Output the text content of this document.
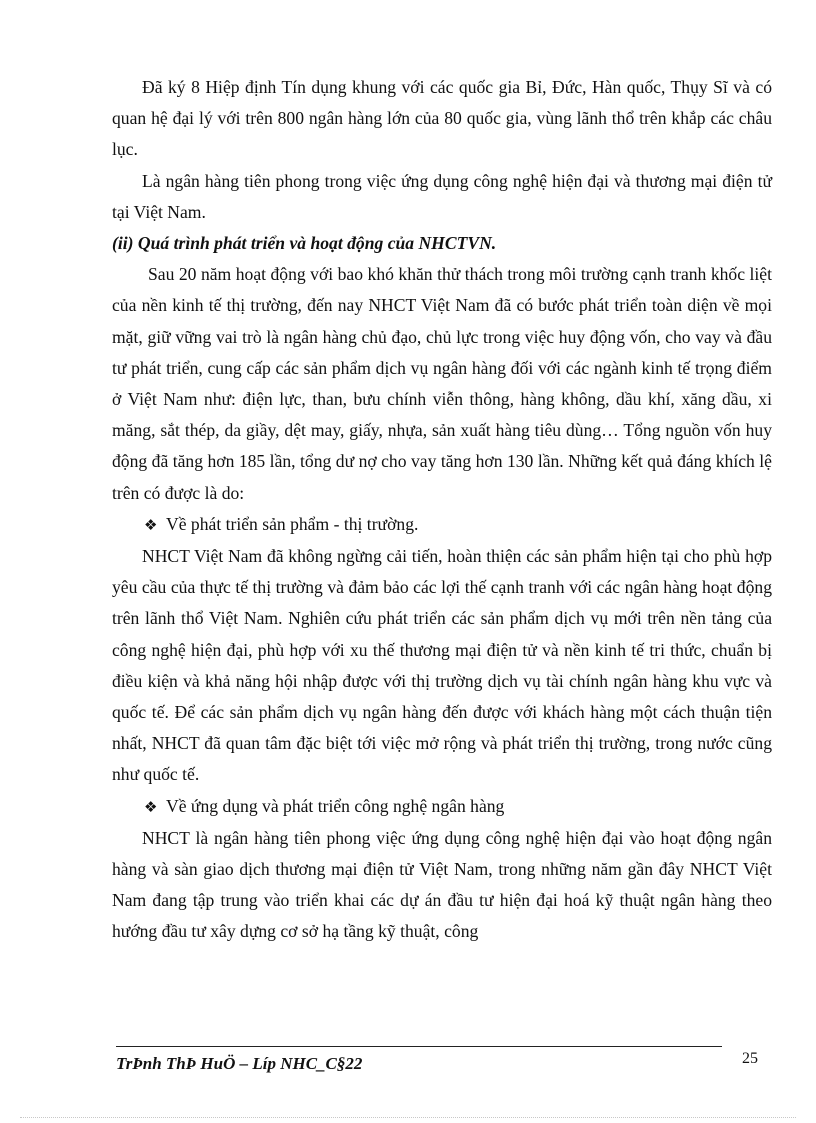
Đã ký 8 Hiệp định Tín dụng khung với các quốc gia Bỉ, Đức, Hàn quốc, Thụy Sĩ và có quan hệ đại lý với trên 800 ngân hàng lớn của 80 quốc gia, vùng lãnh thổ trên khắp các châu lục.

Là ngân hàng tiên phong trong việc ứng dụng công nghệ hiện đại và thương mại điện tử tại Việt Nam.

(ii) Quá trình phát triển và hoạt động của NHCTVN.

Sau 20 năm hoạt động với bao khó khăn thử thách trong môi trường cạnh tranh khốc liệt của nền kinh tế thị trường, đến nay NHCT Việt Nam đã có bước phát triển toàn diện về mọi mặt, giữ vững vai trò là ngân hàng chủ đạo, chủ lực trong việc huy động vốn, cho vay và đầu tư phát triển, cung cấp các sản phẩm dịch vụ ngân hàng đối với các ngành kinh tế trọng điểm ở Việt Nam như: điện lực, than, bưu chính viễn thông, hàng không, dầu khí, xăng dầu, xi măng, sắt thép, da giầy, dệt may, giấy, nhựa, sản xuất hàng tiêu dùng… Tổng nguồn vốn huy động đã tăng hơn 185 lần, tổng dư nợ cho vay tăng hơn 130 lần. Những kết quả đáng khích lệ trên có được là do:

❖ Về phát triển sản phẩm - thị trường.

NHCT Việt Nam đã không ngừng cải tiến, hoàn thiện các sản phẩm hiện tại cho phù hợp yêu cầu của thực tế thị trường và đảm bảo các lợi thế cạnh tranh với các ngân hàng hoạt động trên lãnh thổ Việt Nam. Nghiên cứu phát triển các sản phẩm dịch vụ mới trên nền tảng của công nghệ hiện đại, phù hợp với xu thế thương mại điện tử và nền kinh tế tri thức, chuẩn bị điều kiện và khả năng hội nhập được với thị trường dịch vụ tài chính ngân hàng khu vực và quốc tế. Để các sản phẩm dịch vụ ngân hàng đến được với khách hàng một cách thuận tiện nhất, NHCT đã quan tâm đặc biệt tới việc mở rộng và phát triển thị trường, trong nước cũng như quốc tế.

❖ Về ứng dụng và phát triển công nghệ ngân hàng

NHCT là ngân hàng tiên phong việc ứng dụng công nghệ hiện đại vào hoạt động ngân hàng và sàn giao dịch thương mại điện tử Việt Nam, trong những năm gần đây NHCT Việt Nam đang tập trung vào triển khai các dự án đầu tư hiện đại hoá kỹ thuật ngân hàng theo hướng đầu tư xây dựng cơ sở hạ tầng kỹ thuật, công

TrÞnh ThÞ HuÖ – Líp NHC_C§22	25
